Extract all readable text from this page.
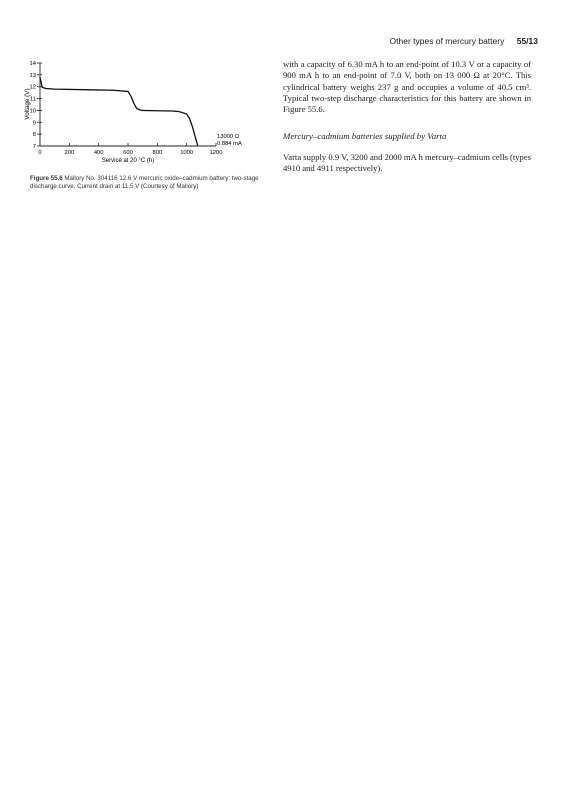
Other types of mercury battery 55/13
7
8
9
10
11
12
13
14
0	200	400	600	800	1000	1200
Voltage (V)
Service at 20 °C (h)
13000 Ω
0.884 mA
Figure 55.6 Mallory No. 304116 12.6 V mercuric oxide–cadmium battery: two-stage discharge curve. Current drain at 11.5 V (Courtesy of Mallory)

with a capacity of 6.30 mA h to an end-point of 10.3 V or a capacity of 900 mA h to an end-point of 7.0 V, both on 13 000 Ω at 20°C. This cylindrical battery weighs 237 g and occupies a volume of 40.5 cm³. Typical two-step discharge characteristics for this battery are shown in Figure 55.6.

Mercury–cadmium batteries supplied by Varta

Varta supply 0.9 V, 3200 and 2000 mA h mercury–cadmium cells (types 4910 and 4911 respectively).
